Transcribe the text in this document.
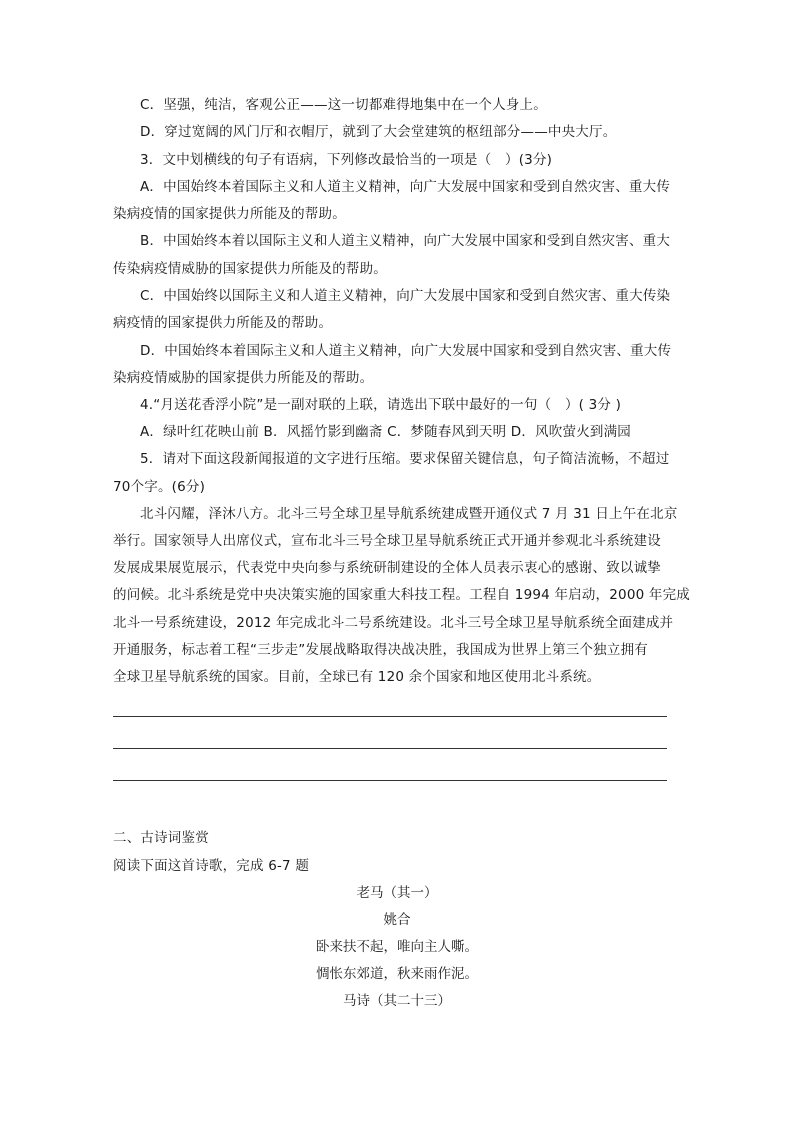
C．坚强，纯洁，客观公正——这一切都难得地集中在一个人身上。
D．穿过宽阔的风门厅和衣帽厅，就到了大会堂建筑的枢纽部分——中央大厅。
3．文中划横线的句子有语病，下列修改最恰当的一项是（　）(3分)
A．中国始终本着国际主义和人道主义精神，向广大发展中国家和受到自然灾害、重大传
染病疫情的国家提供力所能及的帮助。
B．中国始终本着以国际主义和人道主义精神，向广大发展中国家和受到自然灾害、重大
传染病疫情威胁的国家提供力所能及的帮助。
C．中国始终以国际主义和人道主义精神，向广大发展中国家和受到自然灾害、重大传染
病疫情的国家提供力所能及的帮助。
D．中国始终本着国际主义和人道主义精神，向广大发展中国家和受到自然灾害、重大传
染病疫情威胁的国家提供力所能及的帮助。
4.“月送花香浮小院”是一副对联的上联，请选出下联中最好的一句（　）( 3分 )
A．绿叶红花映山前 B．风摇竹影到幽斋 C．梦随春风到天明 D．风吹萤火到满园
5．请对下面这段新闻报道的文字进行压缩。要求保留关键信息，句子简洁流畅，不超过
70个字。(6分)
北斗闪耀，泽沐八方。北斗三号全球卫星导航系统建成暨开通仪式 7 月 31 日上午在北京
举行。国家领导人出席仪式，宣布北斗三号全球卫星导航系统正式开通并参观北斗系统建设
发展成果展览展示，代表党中央向参与系统研制建设的全体人员表示衷心的感谢、致以诚挚
的问候。北斗系统是党中央决策实施的国家重大科技工程。工程自 1994 年启动，2000 年完成
北斗一号系统建设，2012 年完成北斗二号系统建设。北斗三号全球卫星导航系统全面建成并
开通服务，标志着工程“三步走”发展战略取得决战决胜，我国成为世界上第三个独立拥有
全球卫星导航系统的国家。目前，全球已有 120 余个国家和地区使用北斗系统。
二、古诗词鉴赏
阅读下面这首诗歌，完成 6-7 题
老马（其一）
姚合
卧来扶不起，唯向主人嘶。
惆怅东郊道，秋来雨作泥。
马诗（其二十三）
